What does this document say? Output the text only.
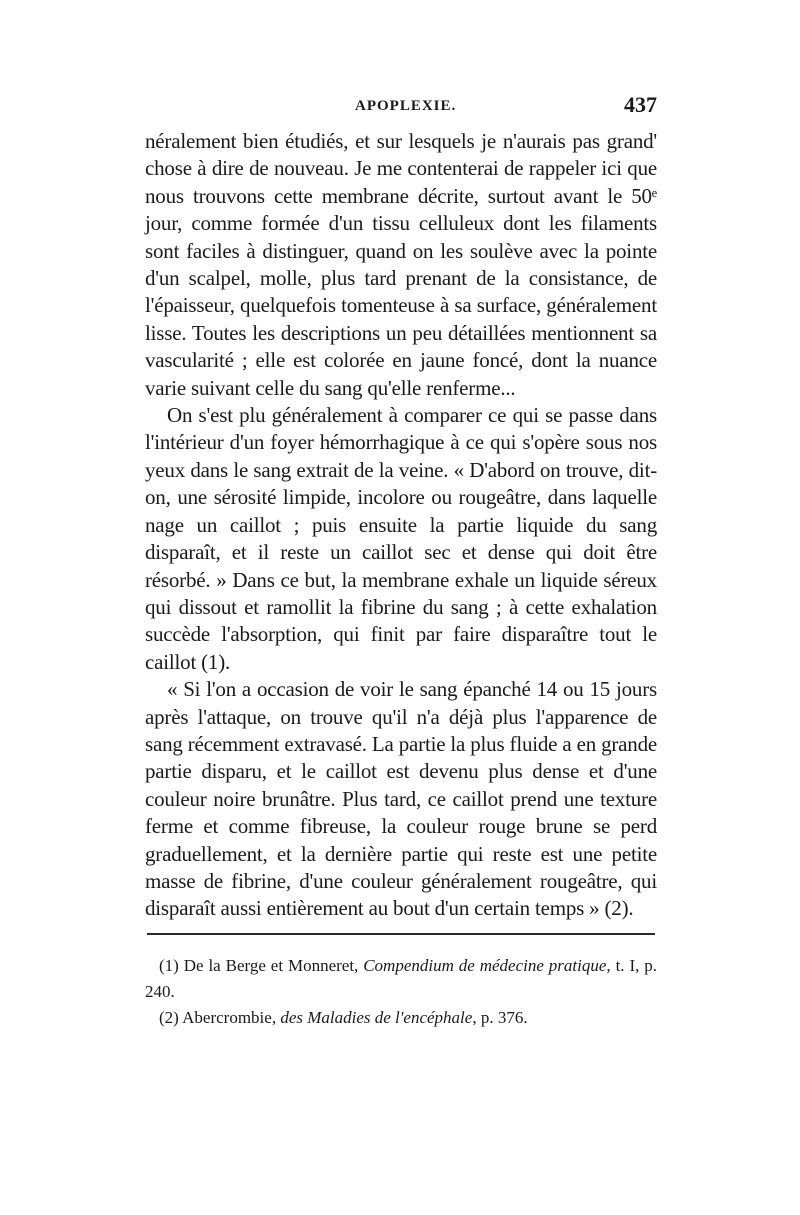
APOPLEXIE.	437

néralement bien étudiés, et sur lesquels je n'aurais pas grand' chose à dire de nouveau. Je me contenterai de rappeler ici que nous trouvons cette membrane décrite, surtout avant le 50ᵉ jour, comme formée d'un tissu celluleux dont les filaments sont faciles à distinguer, quand on les soulève avec la pointe d'un scalpel, molle, plus tard prenant de la consistance, de l'épaisseur, quelquefois tomenteuse à sa surface, généralement lisse. Toutes les descriptions un peu détaillées mentionnent sa vascularité ; elle est colorée en jaune foncé, dont la nuance varie suivant celle du sang qu'elle renferme...

On s'est plu généralement à comparer ce qui se passe dans l'intérieur d'un foyer hémorrhagique à ce qui s'opère sous nos yeux dans le sang extrait de la veine. « D'abord on trouve, dit-on, une sérosité limpide, incolore ou rougeâtre, dans laquelle nage un caillot ; puis ensuite la partie liquide du sang disparaît, et il reste un caillot sec et dense qui doit être résorbé. » Dans ce but, la membrane exhale un liquide séreux qui dissout et ramollit la fibrine du sang ; à cette exhalation succède l'absorption, qui finit par faire disparaître tout le caillot (1).

« Si l'on a occasion de voir le sang épanché 14 ou 15 jours après l'attaque, on trouve qu'il n'a déjà plus l'apparence de sang récemment extravasé. La partie la plus fluide a en grande partie disparu, et le caillot est devenu plus dense et d'une couleur noire brunâtre. Plus tard, ce caillot prend une texture ferme et comme fibreuse, la couleur rouge brune se perd graduellement, et la dernière partie qui reste est une petite masse de fibrine, d'une couleur généralement rougeâtre, qui disparaît aussi entièrement au bout d'un certain temps » (2).

(1) De la Berge et Monneret, Compendium de médecine pratique, t. I, p. 240.

(2) Abercrombie, des Maladies de l'encéphale, p. 376.
